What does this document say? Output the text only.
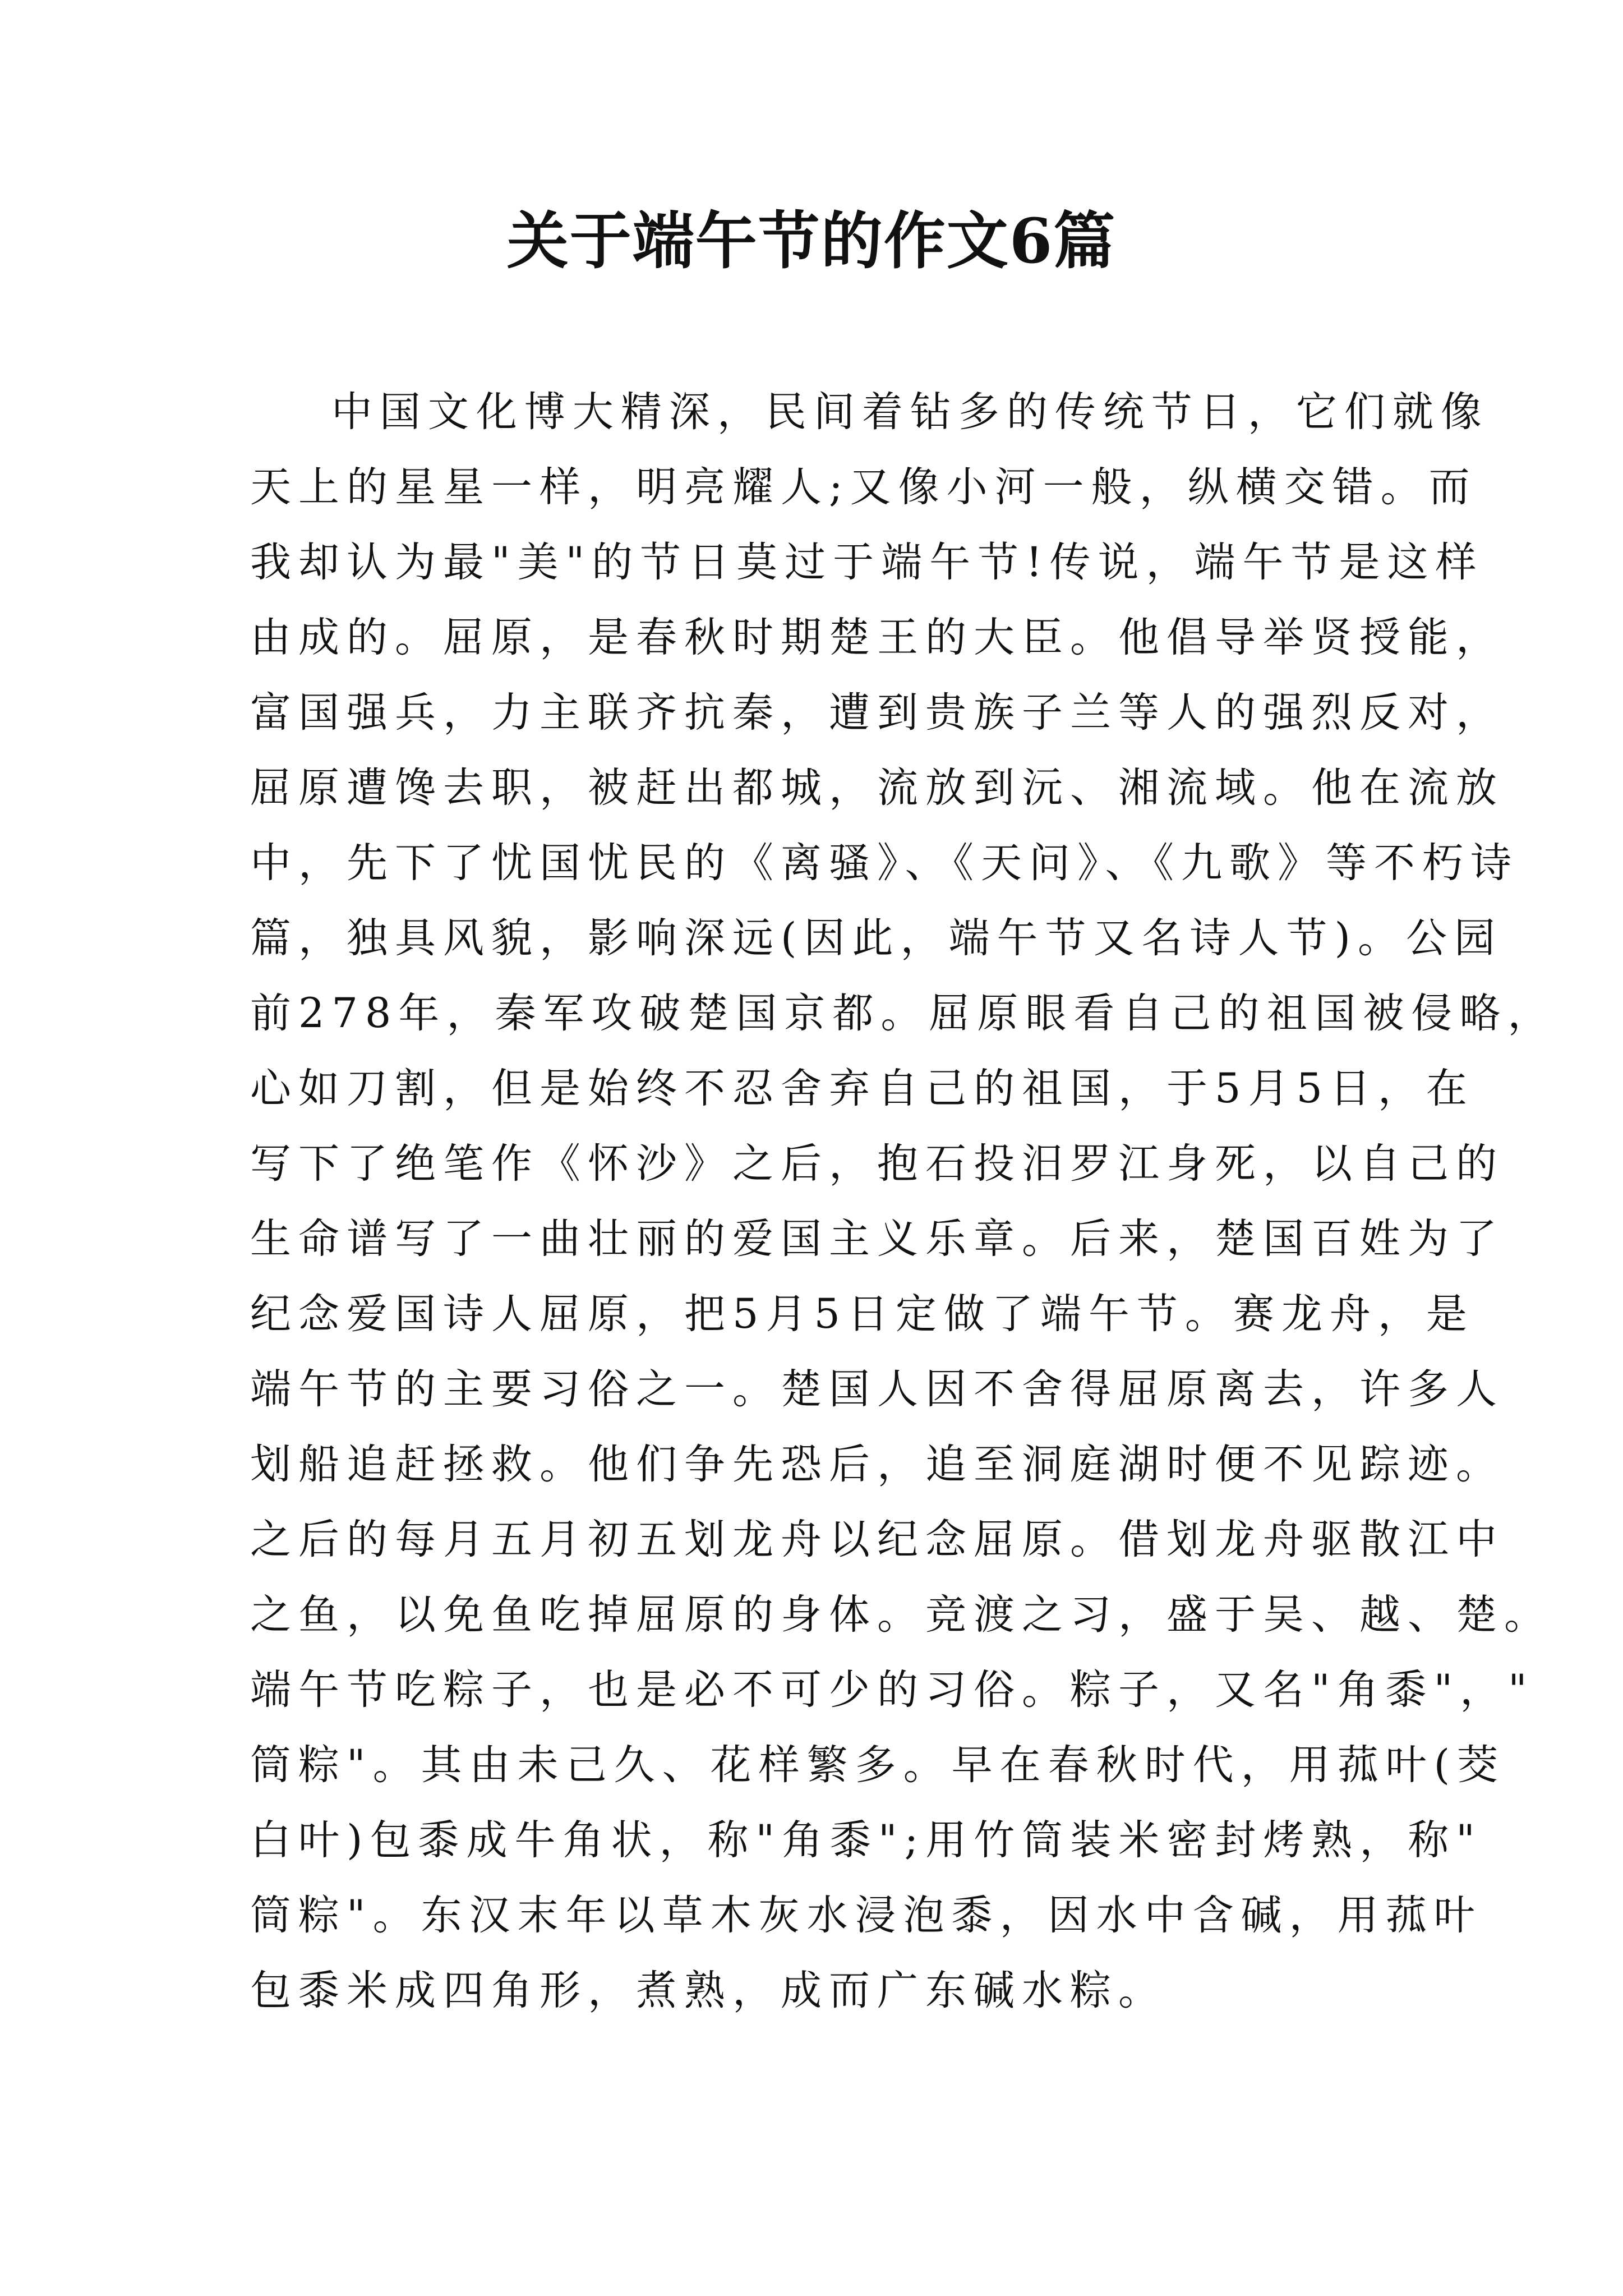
关于端午节的作文6篇
中国文化博大精深，民间着钻多的传统节日，它们就像
天上的星星一样，明亮耀人;又像小河一般，纵横交错。而
我却认为最"美"的节日莫过于端午节!传说，端午节是这样
由成的。屈原，是春秋时期楚王的大臣。他倡导举贤授能，
富国强兵，力主联齐抗秦，遭到贵族子兰等人的强烈反对，
屈原遭馋去职，被赶出都城，流放到沅、湘流域。他在流放
中，先下了忧国忧民的《离骚》、《天问》、《九歌》等不朽诗
篇，独具风貌，影响深远(因此，端午节又名诗人节)。公园
前278年，秦军攻破楚国京都。屈原眼看自己的祖国被侵略，
心如刀割，但是始终不忍舍弃自己的祖国，于5月5日，在
写下了绝笔作《怀沙》之后，抱石投汨罗江身死，以自己的
生命谱写了一曲壮丽的爱国主义乐章。后来，楚国百姓为了
纪念爱国诗人屈原，把5月5日定做了端午节。赛龙舟，是
端午节的主要习俗之一。楚国人因不舍得屈原离去，许多人
划船追赶拯救。他们争先恐后，追至洞庭湖时便不见踪迹。
之后的每月五月初五划龙舟以纪念屈原。借划龙舟驱散江中
之鱼，以免鱼吃掉屈原的身体。竞渡之习，盛于吴、越、楚。
端午节吃粽子，也是必不可少的习俗。粽子，又名"角黍"，"
筒粽"。其由未己久、花样繁多。早在春秋时代，用菰叶(茭
白叶)包黍成牛角状，称"角黍";用竹筒装米密封烤熟，称"
筒粽"。东汉末年以草木灰水浸泡黍，因水中含碱，用菰叶
包黍米成四角形，煮熟，成而广东碱水粽。
